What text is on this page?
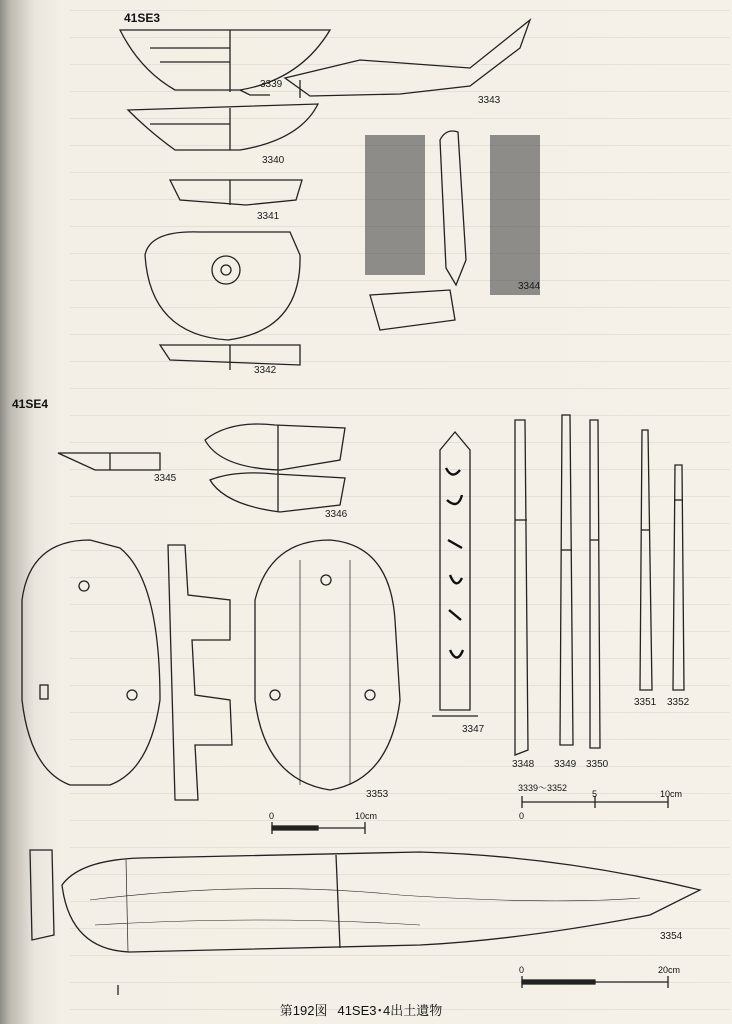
41SE3
41SE4
3339
3340
3341
3342
3343
3344
3345
3346
3347
3348 3349 3350
3351 3352
3353
3354
3339～3352
0
5	10cm
0	10cm
0	20cm
第192図 41SE3･4出土遺物
